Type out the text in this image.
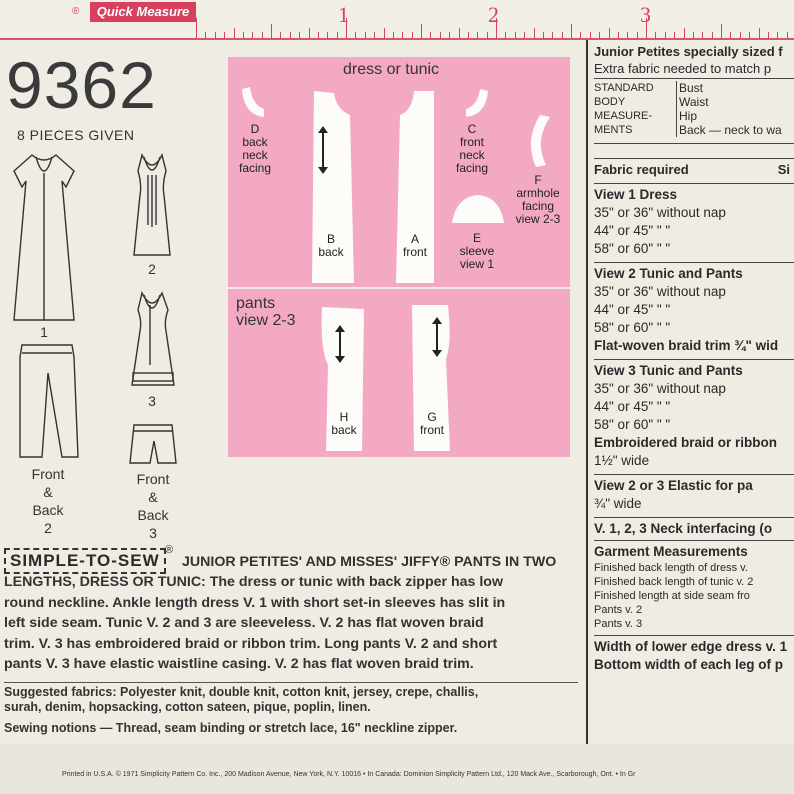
®	Quick Measure	1	2	3
9362
8 PIECES GIVEN
1
2
3
Front
&
Back
2
Front
&
Back
3
dress or tunic
D
back
neck
facing
B
back
A
front
C
front
neck
facing
F
armhole
facing
view 2-3
E
sleeve
view 1
pants
view 2-3
H
back
G
front
SIMPLE-TO-SEW
®
JUNIOR PETITES' AND MISSES' JIFFY® PANTS IN TWO
LENGTHS, DRESS OR TUNIC: The dress or tunic with back zipper has low
round neckline. Ankle length dress V. 1 with short set-in sleeves has slit in
left side seam. Tunic V. 2 and 3 are sleeveless. V. 2 has flat woven braid
trim. V. 3 has embroidered braid or ribbon trim. Long pants V. 2 and short
pants V. 3 have elastic waistline casing. V. 2 has flat woven braid trim.
Suggested fabrics: Polyester knit, double knit, cotton knit, jersey, crepe, challis,
surah, denim, hopsacking, cotton sateen, pique, poplin, linen.
Sewing notions — Thread, seam binding or stretch lace, 16" neckline zipper.
Printed in U.S.A. © 1971 Simplicity Pattern Co. Inc., 200 Madison Avenue, New York, N.Y. 10016 • In Canada: Dominion Simplicity Pattern Ltd., 120 Mack Ave., Scarborough, Ont. • In Gr
Junior Petites specially sized f
Extra fabric needed to match p
STANDARD
BODY
MEASURE-
MENTS
Bust
Waist
Hip
Back — neck to wa
Fabric required	Si
View 1 Dress
35" or 36" without nap
44" or 45" " "
58" or 60" " "
View 2 Tunic and Pants
35" or 36" without nap
44" or 45" " "
58" or 60" " "
Flat-woven braid trim ¾" wid
View 3 Tunic and Pants
35" or 36" without nap
44" or 45" " "
58" or 60" " "
Embroidered braid or ribbon
1½" wide
View 2 or 3 Elastic for pa
¾" wide
V. 1, 2, 3 Neck interfacing (o
Garment Measurements
Finished back length of dress v.
Finished back length of tunic v. 2
Finished length at side seam fro
Pants v. 2
Pants v. 3
Width of lower edge dress v. 1
Bottom width of each leg of p
